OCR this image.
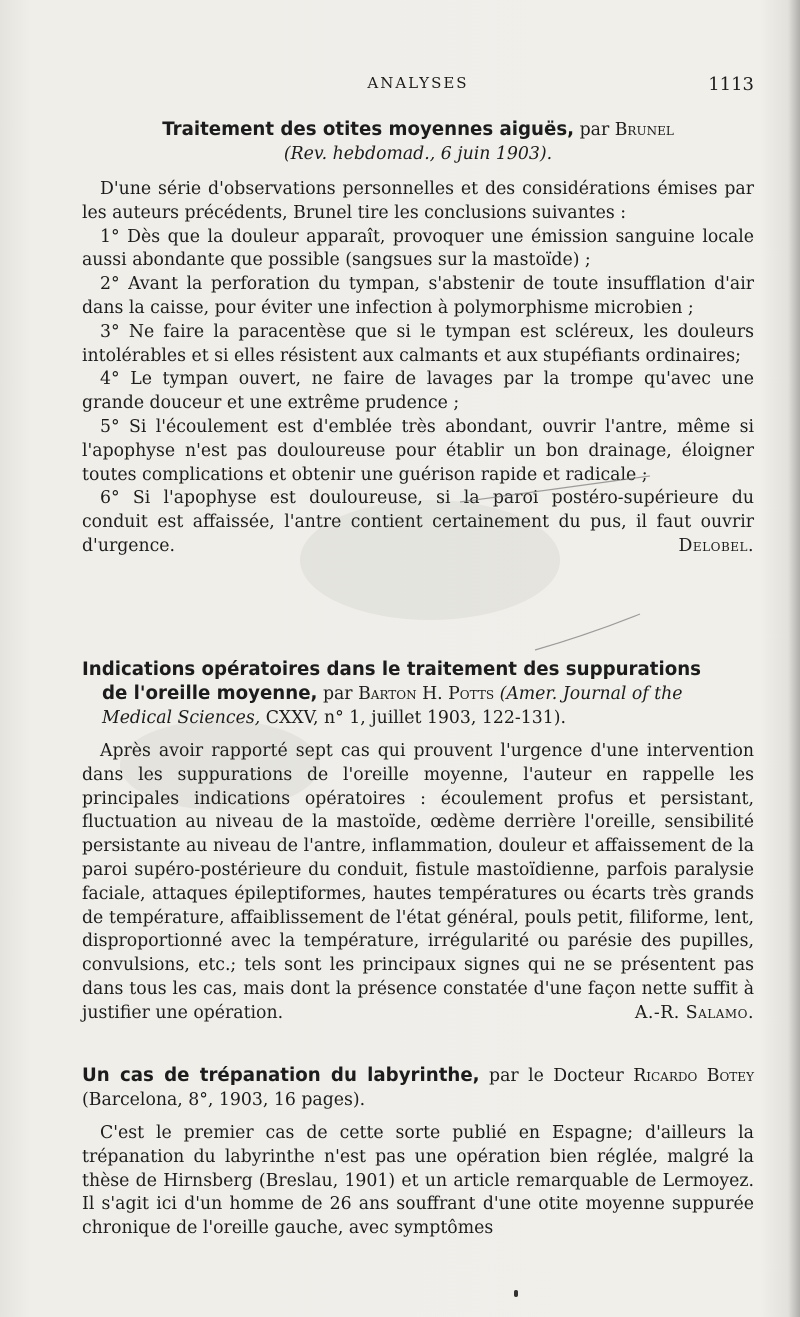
ANALYSES	1113

Traitement des otites moyennes aiguës, par Brunel
(Rev. hebdomad., 6 juin 1903).

D'une série d'observations personnelles et des considérations émises par les auteurs précédents, Brunel tire les conclusions suivantes :

1° Dès que la douleur apparaît, provoquer une émission sanguine locale aussi abondante que possible (sangsues sur la mastoïde) ;

2° Avant la perforation du tympan, s'abstenir de toute insufflation d'air dans la caisse, pour éviter une infection à polymorphisme microbien ;

3° Ne faire la paracentèse que si le tympan est scléreux, les douleurs intolérables et si elles résistent aux calmants et aux stupéfiants ordinaires;

4° Le tympan ouvert, ne faire de lavages par la trompe qu'avec une grande douceur et une extrême prudence ;

5° Si l'écoulement est d'emblée très abondant, ouvrir l'antre, même si l'apophyse n'est pas douloureuse pour établir un bon drainage, éloigner toutes complications et obtenir une guérison rapide et radicale ;

6° Si l'apophyse est douloureuse, si la paroi postéro-supérieure du conduit est affaissée, l'antre contient certainement du pus, il faut ouvrir d'urgence.	Delobel.

Indications opératoires dans le traitement des suppurations
de l'oreille moyenne, par Barton H. Potts (Amer. Journal of the Medical Sciences, CXXV, n° 1, juillet 1903, 122-131).

Après avoir rapporté sept cas qui prouvent l'urgence d'une intervention dans les suppurations de l'oreille moyenne, l'auteur en rappelle les principales indications opératoires : écoulement profus et persistant, fluctuation au niveau de la mastoïde, œdème derrière l'oreille, sensibilité persistante au niveau de l'antre, inflammation, douleur et affaissement de la paroi supéro-postérieure du conduit, fistule mastoïdienne, parfois paralysie faciale, attaques épileptiformes, hautes températures ou écarts très grands de température, affaiblissement de l'état général, pouls petit, filiforme, lent, disproportionné avec la température, irrégularité ou parésie des pupilles, convulsions, etc.; tels sont les principaux signes qui ne se présentent pas dans tous les cas, mais dont la présence constatée d'une façon nette suffit à justifier une opération.	A.-R. Salamo.

Un cas de trépanation du labyrinthe, par le Docteur Ricardo Botey (Barcelona, 8°, 1903, 16 pages).

C'est le premier cas de cette sorte publié en Espagne; d'ailleurs la trépanation du labyrinthe n'est pas une opération bien réglée, malgré la thèse de Hirnsberg (Breslau, 1901) et un article remarquable de Lermoyez. Il s'agit ici d'un homme de 26 ans souffrant d'une otite moyenne suppurée chronique de l'oreille gauche, avec symptômes
